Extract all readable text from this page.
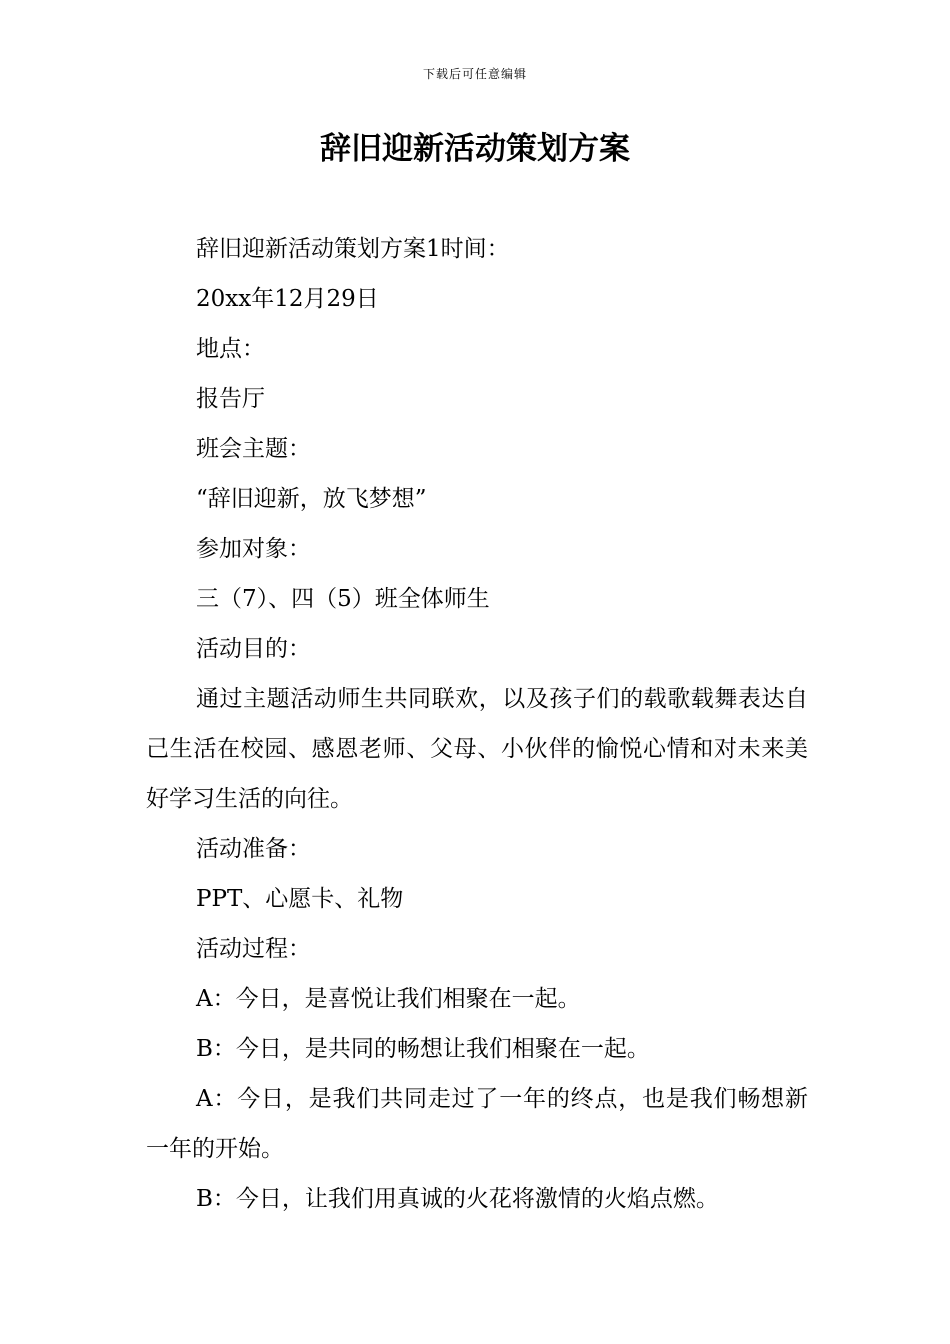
下载后可任意编辑
辞旧迎新活动策划方案

辞旧迎新活动策划方案1时间：

20xx年12月29日

地点：

报告厅

班会主题：

“辞旧迎新，放飞梦想”

参加对象：

三（7）、四（5）班全体师生

活动目的：

通过主题活动师生共同联欢，以及孩子们的载歌载舞表达自己生活在校园、感恩老师、父母、小伙伴的愉悦心情和对未来美好学习生活的向往。

活动准备：

PPT、心愿卡、礼物

活动过程：

A：今日，是喜悦让我们相聚在一起。

B：今日，是共同的畅想让我们相聚在一起。

A：今日，是我们共同走过了一年的终点，也是我们畅想新一年的开始。

B：今日，让我们用真诚的火花将激情的火焰点燃。
